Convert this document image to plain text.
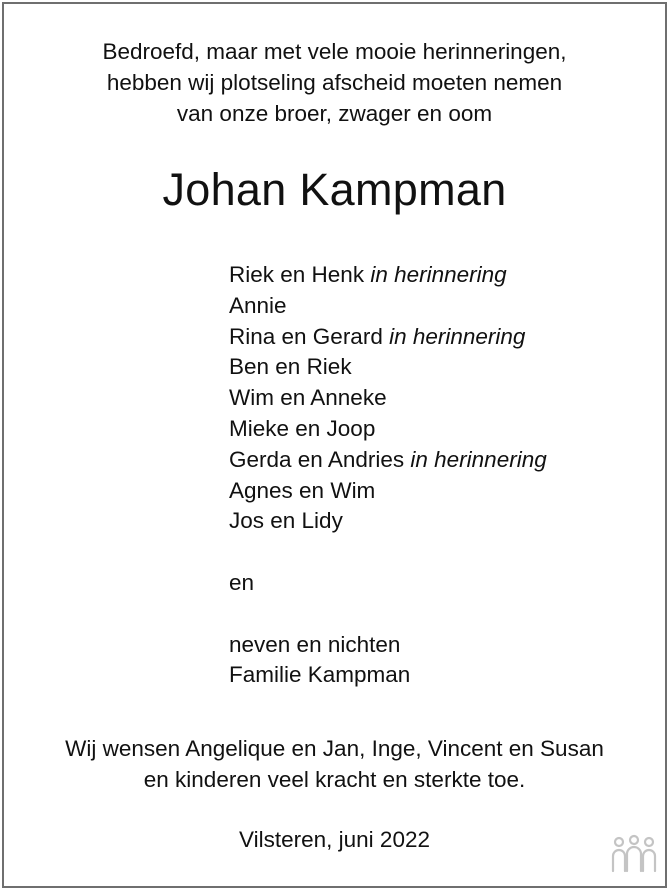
Bedroefd, maar met vele mooie herinneringen,
hebben wij plotseling afscheid moeten nemen
van onze broer, zwager en oom
Johan Kampman
Riek en Henk in herinnering
Annie
Rina en Gerard in herinnering
Ben en Riek
Wim en Anneke
Mieke en Joop
Gerda en Andries in herinnering
Agnes en Wim
Jos en Lidy
en
neven en nichten
Familie Kampman
Wij wensen Angelique en Jan, Inge, Vincent en Susan
en kinderen veel kracht en sterkte toe.
Vilsteren, juni 2022
